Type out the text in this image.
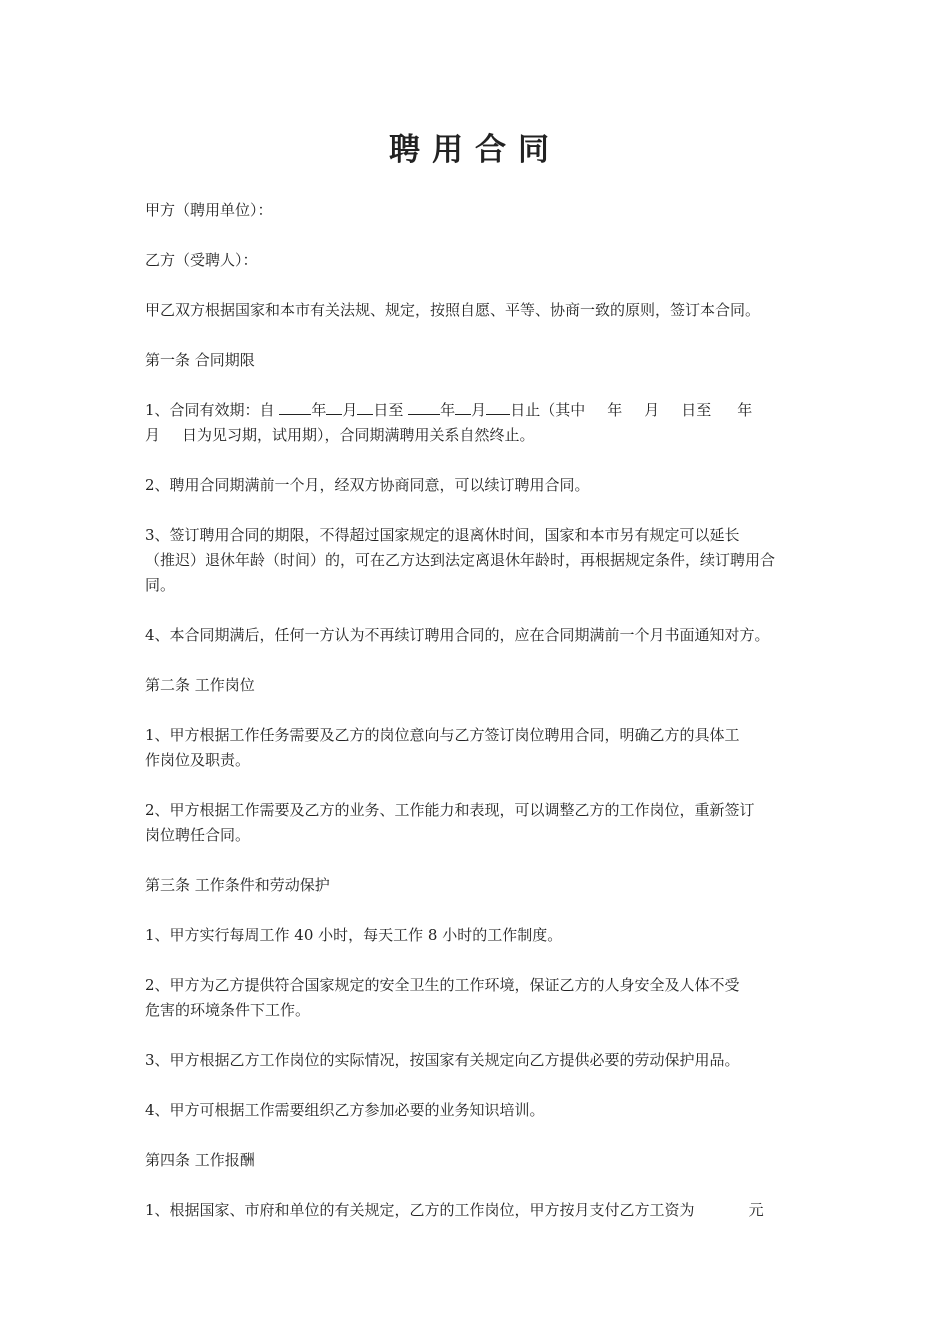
聘用合同

甲方（聘用单位）：

乙方（受聘人）：

甲乙双方根据国家和本市有关法规、规定，按照自愿、平等、协商一致的原则，签订本合同。

第一条 合同期限

1、合同有效期：自 年 月 日至 年 月 日止（其中 年 月 日至 年
月 日为见习期，试用期），合同期满聘用关系自然终止。

2、聘用合同期满前一个月，经双方协商同意，可以续订聘用合同。

3、签订聘用合同的期限，不得超过国家规定的退离休时间，国家和本市另有规定可以延长
（推迟）退休年龄（时间）的，可在乙方达到法定离退休年龄时，再根据规定条件，续订聘用合
同。

4、本合同期满后，任何一方认为不再续订聘用合同的，应在合同期满前一个月书面通知对方。

第二条 工作岗位

1、甲方根据工作任务需要及乙方的岗位意向与乙方签订岗位聘用合同，明确乙方的具体工
作岗位及职责。

2、甲方根据工作需要及乙方的业务、工作能力和表现，可以调整乙方的工作岗位，重新签订
岗位聘任合同。

第三条 工作条件和劳动保护

1、甲方实行每周工作 40 小时，每天工作 8 小时的工作制度。

2、甲方为乙方提供符合国家规定的安全卫生的工作环境，保证乙方的人身安全及人体不受
危害的环境条件下工作。

3、甲方根据乙方工作岗位的实际情况，按国家有关规定向乙方提供必要的劳动保护用品。

4、甲方可根据工作需要组织乙方参加必要的业务知识培训。

第四条 工作报酬

1、根据国家、市府和单位的有关规定，乙方的工作岗位，甲方按月支付乙方工资为	元
